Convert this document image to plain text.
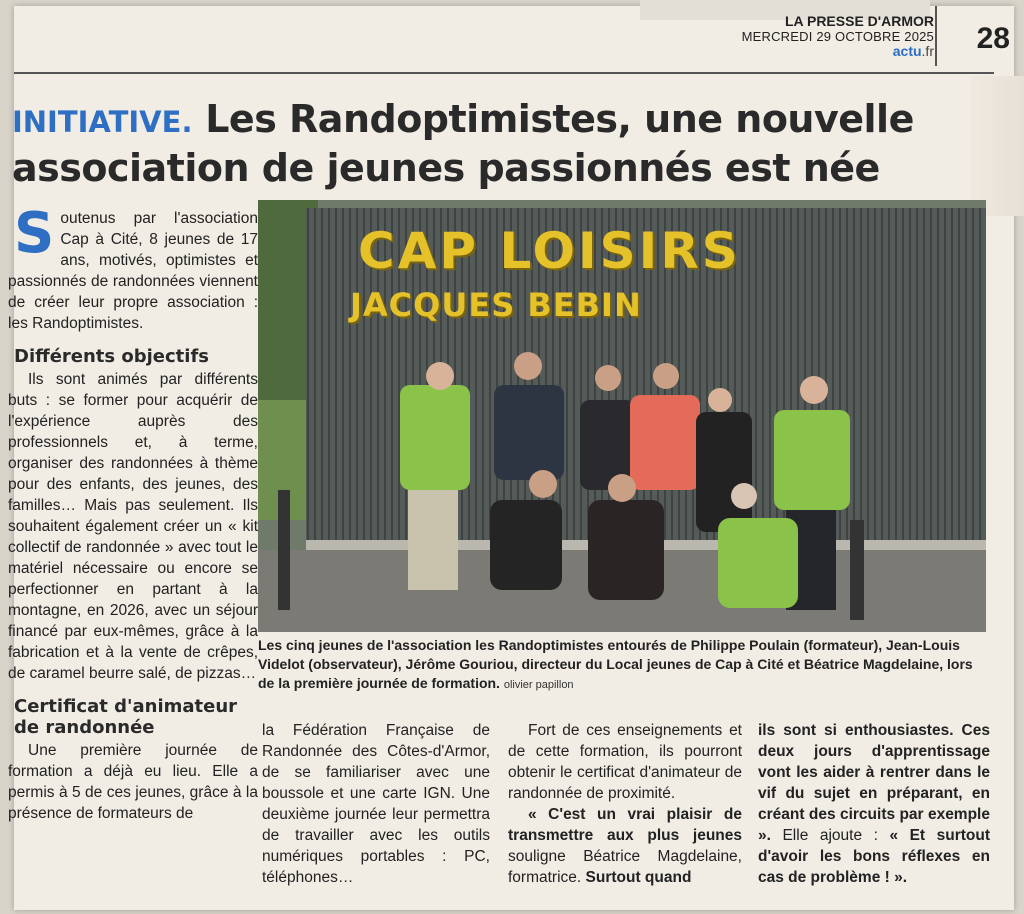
LA PRESSE D'ARMOR
MERCREDI 29 OCTOBRE 2025
actu.fr 28
INITIATIVE. Les Randoptimistes, une nouvelle association de jeunes passionnés est née

Soutenus par l'association Cap à Cité, 8 jeunes de 17 ans, motivés, optimistes et passionnés de randonnées viennent de créer leur propre association : les Randoptimistes.

Différents objectifs

Ils sont animés par différents buts : se former pour acquérir de l'expérience auprès des professionnels et, à terme, organiser des randonnées à thème pour des enfants, des jeunes, des familles… Mais pas seulement. Ils souhaitent également créer un « kit collectif de randonnée » avec tout le matériel nécessaire ou encore se perfectionner en partant à la montagne, en 2026, avec un séjour financé par eux-mêmes, grâce à la fabrication et à la vente de crêpes, de caramel beurre salé, de pizzas…

Certificat d'animateur de randonnée

Une première journée de formation a déjà eu lieu. Elle a permis à 5 de ces jeunes, grâce à la présence de formateurs de

CAP LOISIRS
JACQUES BEBIN
Les cinq jeunes de l'association les Randoptimistes entourés de Philippe Poulain (formateur), Jean-Louis Videlot (observateur), Jérôme Gouriou, directeur du Local jeunes de Cap à Cité et Béatrice Magdelaine, lors de la première journée de formation. olivier papillon
la Fédération Française de Randonnée des Côtes-d'Armor, de se familiariser avec une boussole et une carte IGN. Une deuxième journée leur permettra de travailler avec les outils numériques portables : PC, téléphones…

Fort de ces enseignements et de cette formation, ils pourront obtenir le certificat d'animateur de randonnée de proximité.

« C'est un vrai plaisir de transmettre aux plus jeunes souligne Béatrice Magdelaine, formatrice. Surtout quand

ils sont si enthousiastes. Ces deux jours d'apprentissage vont les aider à rentrer dans le vif du sujet en préparant, en créant des circuits par exemple ». Elle ajoute : « Et surtout d'avoir les bons réflexes en cas de problème ! ».
